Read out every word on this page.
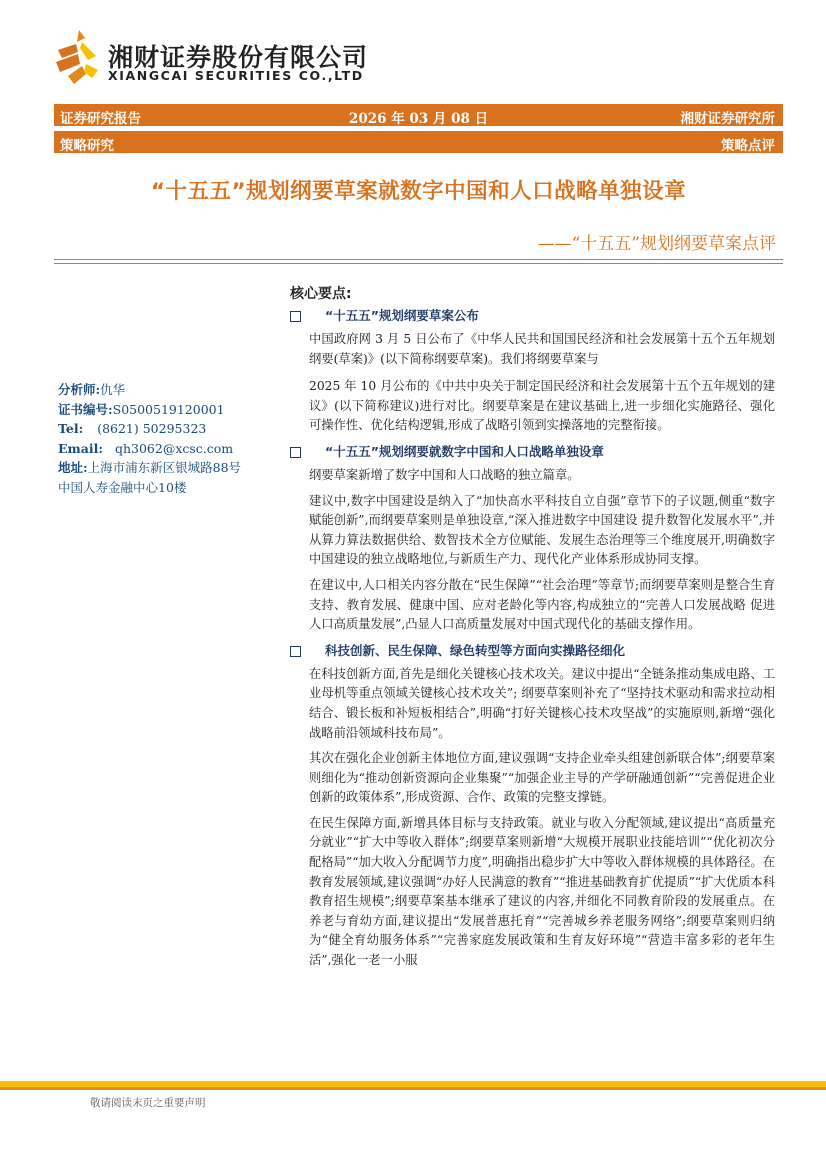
湘财证券股份有限公司
XIANGCAI SECURITIES CO.,LTD
证券研究报告	2026 年 03 月 08 日	湘财证券研究所
策略研究	策略点评
“十五五”规划纲要草案就数字中国和人口战略单独设章
——“十五五”规划纲要草案点评
核心要点:
分析师:仇华
证书编号:S0500519120001
Tel: (8621) 50295323
Email: qh3062@xcsc.com
地址:上海市浦东新区银城路88号
中国人寿金融中心10楼
“十五五”规划纲要草案公布

中国政府网 3 月 5 日公布了《中华人民共和国国民经济和社会发展第十五个五年规划纲要(草案)》(以下简称纲要草案)。我们将纲要草案与

2025 年 10 月公布的《中共中央关于制定国民经济和社会发展第十五个五年规划的建议》(以下简称建议)进行对比。纲要草案是在建议基础上,进一步细化实施路径、强化可操作性、优化结构逻辑,形成了战略引领到实操落地的完整衔接。

“十五五”规划纲要就数字中国和人口战略单独设章

纲要草案新增了数字中国和人口战略的独立篇章。

建议中,数字中国建设是纳入了“加快高水平科技自立自强”章节下的子议题,侧重“数字赋能创新”,而纲要草案则是单独设章,“深入推进数字中国建设 提升数智化发展水平”,并从算力算法数据供给、数智技术全方位赋能、发展生态治理等三个维度展开,明确数字中国建设的独立战略地位,与新质生产力、现代化产业体系形成协同支撑。

在建议中,人口相关内容分散在“民生保障”“社会治理”等章节;而纲要草案则是整合生育支持、教育发展、健康中国、应对老龄化等内容,构成独立的“完善人口发展战略 促进人口高质量发展”,凸显人口高质量发展对中国式现代化的基础支撑作用。

科技创新、民生保障、绿色转型等方面向实操路径细化

在科技创新方面,首先是细化关键核心技术攻关。建议中提出“全链条推动集成电路、工业母机等重点领域关键核心技术攻关”; 纲要草案则补充了“坚持技术驱动和需求拉动相结合、锻长板和补短板相结合”,明确“打好关键核心技术攻坚战”的实施原则,新增“强化战略前沿领域科技布局”。

其次在强化企业创新主体地位方面,建议强调“支持企业牵头组建创新联合体”;纲要草案则细化为“推动创新资源向企业集聚”“加强企业主导的产学研融通创新”“完善促进企业创新的政策体系”,形成资源、合作、政策的完整支撑链。

在民生保障方面,新增具体目标与支持政策。就业与收入分配领域,建议提出“高质量充分就业”“扩大中等收入群体”;纲要草案则新增“大规模开展职业技能培训”“优化初次分配格局”“加大收入分配调节力度”,明确指出稳步扩大中等收入群体规模的具体路径。在教育发展领域,建议强调“办好人民满意的教育”“推进基础教育扩优提质”“扩大优质本科教育招生规模”;纲要草案基本继承了建议的内容,并细化不同教育阶段的发展重点。在养老与育幼方面,建议提出“发展普惠托育”“完善城乡养老服务网络”;纲要草案则归纳为“健全育幼服务体系”“完善家庭发展政策和生育友好环境”“营造丰富多彩的老年生活”,强化一老一小服

敬请阅读末页之重要声明
